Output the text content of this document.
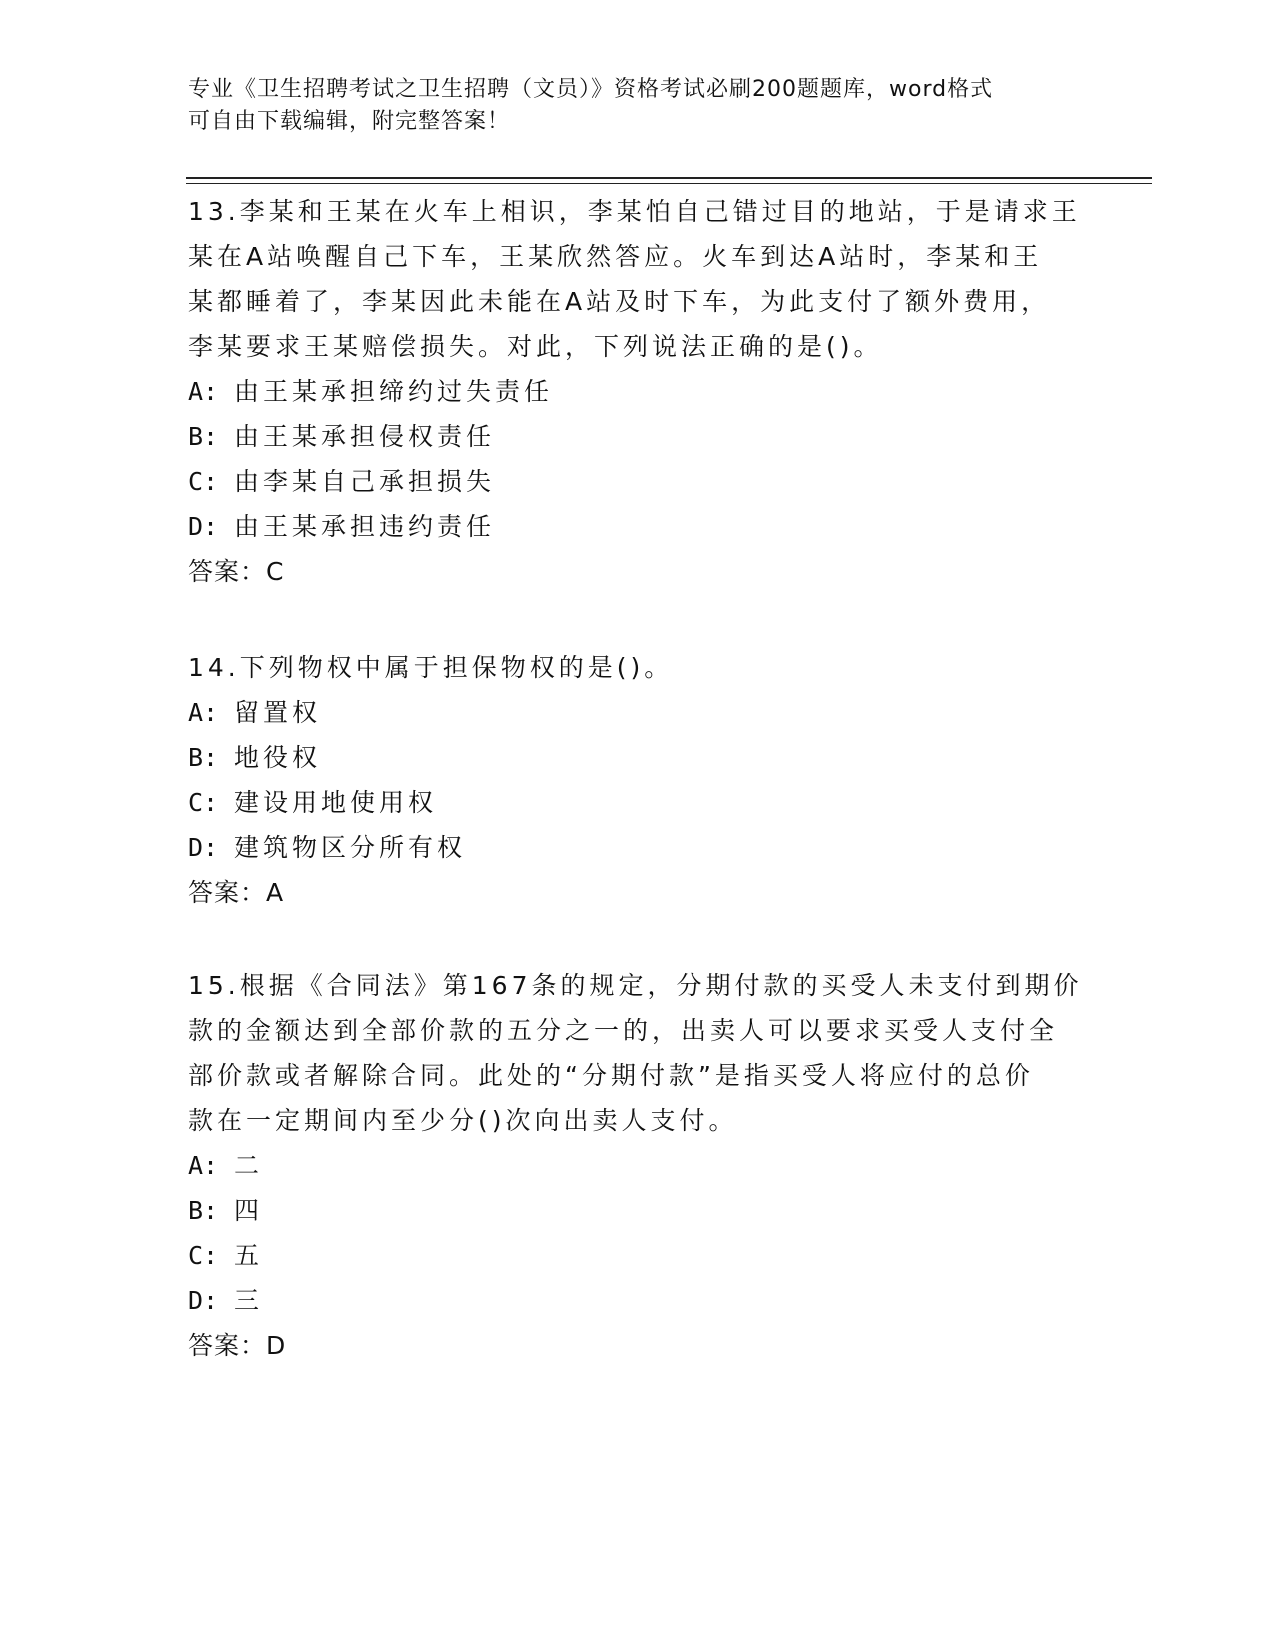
专业《卫生招聘考试之卫生招聘（文员）》资格考试必刷200题题库，word格式
可自由下载编辑，附完整答案！

13.李某和王某在火车上相识，李某怕自己错过目的地站，于是请求王

某在A站唤醒自己下车，王某欣然答应。火车到达A站时，李某和王

某都睡着了，李某因此未能在A站及时下车，为此支付了额外费用，

李某要求王某赔偿损失。对此，下列说法正确的是()。

A: 由王某承担缔约过失责任

B: 由王某承担侵权责任

C: 由李某自己承担损失

D: 由王某承担违约责任

答案：C

14.下列物权中属于担保物权的是()。

A: 留置权

B: 地役权

C: 建设用地使用权

D: 建筑物区分所有权

答案：A

15.根据《合同法》第167条的规定，分期付款的买受人未支付到期价

款的金额达到全部价款的五分之一的，出卖人可以要求买受人支付全

部价款或者解除合同。此处的“分期付款”是指买受人将应付的总价

款在一定期间内至少分()次向出卖人支付。

A: 二

B: 四

C: 五

D: 三

答案：D
